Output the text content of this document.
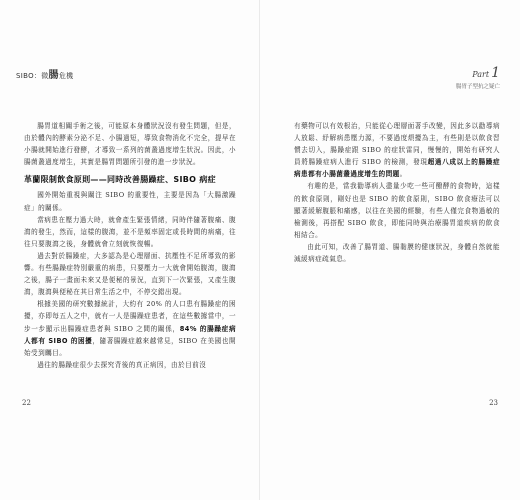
SIBO：微腸危機

腸胃道相關手術之後，可能原本身體狀況沒有發生問題，但是，由於體內的酵素分泌不足、小腸過短，導致食物消化不完全，提早在小腸就開始進行發酵，才導致一系列的菌叢過度增生狀況。因此，小腸菌叢過度增生，其實是腸胃問題所引發的進一步狀況。

革蘭限制飲食原則——同時改善腸躁症、SIBO 病症

國外開始重視與關注 SIBO 的重要性，主要是因為「大腸激躁症」的關係。

當病患在壓力過大時，就會產生緊張情緒，同時伴隨著腹痛、腹瀉的發生，然而，這樣的腹瀉，並不是頻率固定或長時間的病痛，往往只要腹瀉之後，身體就會立刻就恢復暢。

過去對於腸躁症，大多認為是心理層面、抗壓性不足所導致的影響。有些腸躁症特別嚴重的病患，只要壓力一大就會開始腹瀉，腹瀉之後，腸子一畫面未來又是便秘的景況，直到下一次緊張，又產生腹瀉，腹瀉與便秘在其日常生活之中，不停交錯出現。

根據美國的研究數據統計，大約有 20% 的人口患有腸躁症的困擾，亦即每五人之中，就有一人是腸躁症患者，在這些數據當中，一步一步顯示出腸躁症患者與 SIBO 之間的關係，84% 的腸躁症病人都有 SIBO 的困擾，隨著腸躁症越來越常見，SIBO 在美國也開始受到矚目。

過往的腸躁症很少去探究背後的真正病因，由於目前沒

22
Part 1
腸胃子型抗之疑亡

有藥物可以有效根治，只能從心理層面著手改變，因此多以勸導病人放鬆、紓解病患壓力源，不要過度煩擾為主，有些則是以飲食習慣去切入，腸躁症跟 SIBO 的症狀雷同，慢慢的，開始有研究人員將腸躁症病人進行 SIBO 的檢測，發現超過八成以上的腸躁症病患都有小腸菌叢過度增生的問題。

有趣的是，當我勸導病人盡量少吃一些可醱酵的食物時，這樣的飲食原則，剛好也是 SIBO 的飲食原則，SIBO 飲食療法可以顯著緩解腹脹和痛感，以往在美國的經驗，有些人僅完食物過敏的檢測後，再搭配 SIBO 飲食，即能同時與治療腸胃道疾病的飲食相結合。

由此可知，改善了腸胃道、腸黏膜的健康狀況，身體自然就能減緩病症疏氣息。

23
